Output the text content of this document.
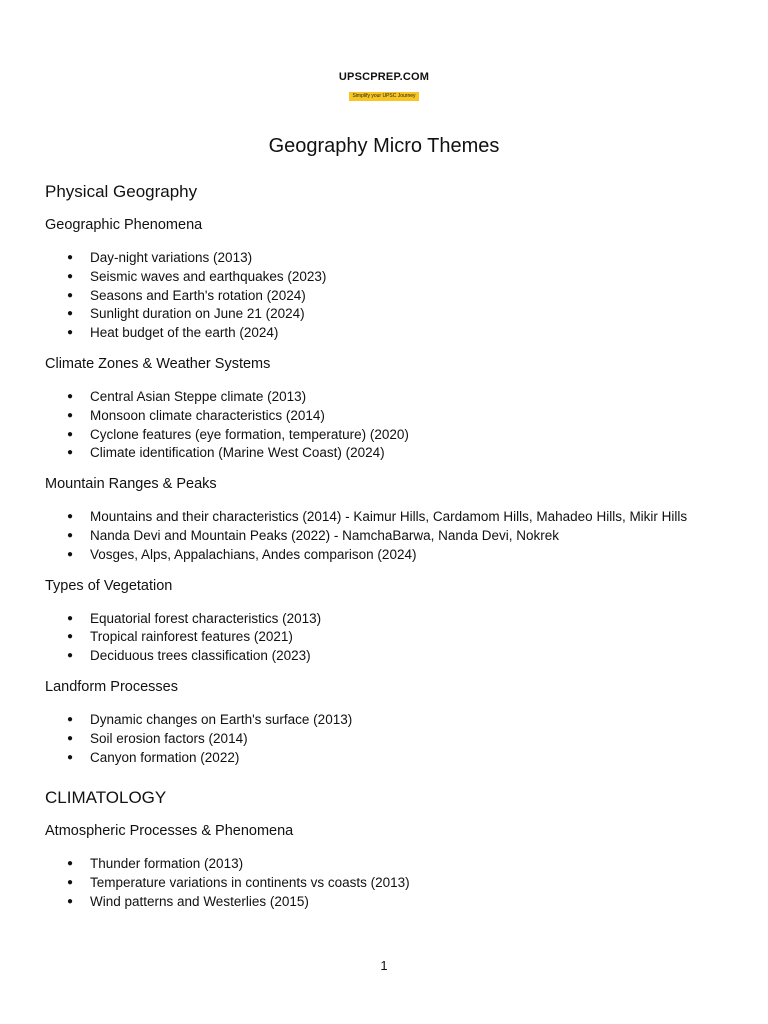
UPSCPREP.COM
Simplify your UPSC Journey
Geography Micro Themes
Physical Geography
Geographic Phenomena
● Day-night variations (2013)
● Seismic waves and earthquakes (2023)
● Seasons and Earth's rotation (2024)
● Sunlight duration on June 21 (2024)
● Heat budget of the earth (2024)
Climate Zones & Weather Systems
● Central Asian Steppe climate (2013)
● Monsoon climate characteristics (2014)
● Cyclone features (eye formation, temperature) (2020)
● Climate identification (Marine West Coast) (2024)
Mountain Ranges & Peaks
● Mountains and their characteristics (2014) - Kaimur Hills, Cardamom Hills, Mahadeo Hills, Mikir Hills
● Nanda Devi and Mountain Peaks (2022) - NamchaBarwa, Nanda Devi, Nokrek
● Vosges, Alps, Appalachians, Andes comparison (2024)
Types of Vegetation
● Equatorial forest characteristics (2013)
● Tropical rainforest features (2021)
● Deciduous trees classification (2023)
Landform Processes
● Dynamic changes on Earth's surface (2013)
● Soil erosion factors (2014)
● Canyon formation (2022)
CLIMATOLOGY
Atmospheric Processes & Phenomena
● Thunder formation (2013)
● Temperature variations in continents vs coasts (2013)
● Wind patterns and Westerlies (2015)
1
